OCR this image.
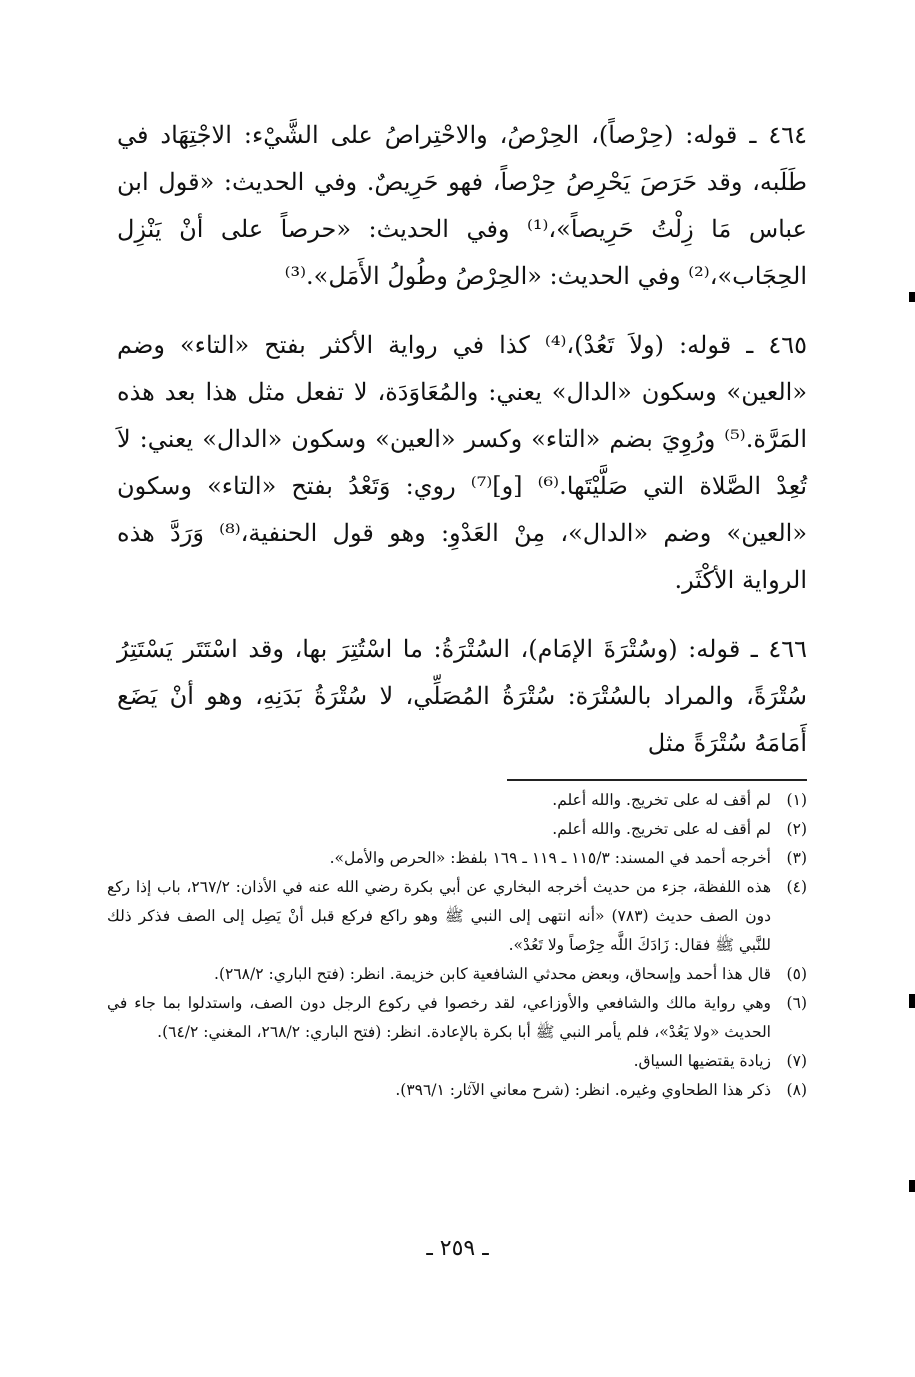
٤٦٤ ـ قوله: (حِرْصاً)، الحِرْصُ، والاحْتِراصُ على الشَّيْء: الاجْتِهَاد في طَلَبه، وقد حَرَصَ يَحْرِصُ حِرْصاً، فهو حَرِيصٌ. وفي الحديث: «قول ابن عباس مَا زِلْتُ حَرِيصاً»،⁽¹⁾ وفي الحديث: «حرصاً على أنْ يَنْزِل الحِجَاب»،⁽²⁾ وفي الحديث: «الحِرْصُ وطُولُ الأَمَل».⁽³⁾

٤٦٥ ـ قوله: (ولاَ تَعُدْ)،⁽⁴⁾ كذا في رواية الأكثر بفتح «التاء» وضم «العين» وسكون «الدال» يعني: والمُعَاوَدَة، لا تفعل مثل هذا بعد هذه المَرَّة.⁽⁵⁾ ورُوِيَ بضم «التاء» وكسر «العين» وسكون «الدال» يعني: لاَ تُعِدْ الصَّلاة التي صَلَّيْتَها.⁽⁶⁾ [و]⁽⁷⁾ روي: وَتَعْدُ بفتح «التاء» وسكون «العين» وضم «الدال»، مِنْ العَدْوِ: وهو قول الحنفية،⁽⁸⁾ وَرَدَّ هذه الرواية الأكْثَر.

٤٦٦ ـ قوله: (وسُتْرَةَ الإمَام)، السُتْرَةُ: ما اسْتُتِرَ بها، وقد اسْتَتَر يَسْتَتِرُ سُتْرَةً، والمراد بالسُتْرَة: سُتْرَةُ المُصَلِّي، لا سُتْرَةُ بَدَنِهِ، وهو أنْ يَضَع أَمَامَهُ سُتْرَةً مثل

(١)
لم أقف له على تخريج. والله أعلم.
(٢)
لم أقف له على تخريج. والله أعلم.
(٣)
أخرجه أحمد في المسند: ١١٥/٣ ـ ١١٩ ـ ١٦٩ بلفظ: «الحرص والأمل».
(٤)
هذه اللفظة، جزء من حديث أخرجه البخاري عن أبي بكرة رضي الله عنه في الأذان: ٢٦٧/٢، باب إذا ركع دون الصف حديث (٧٨٣) «أنه انتهى إلى النبي ﷺ وهو راكع فركع قبل أنْ يَصِل إلى الصف فذكر ذلك للنَّبي ﷺ فقال: زَادَكَ اللَّه حِرْصاً ولا تَعُدْ».
(٥)
قال هذا أحمد وإسحاق، وبعض محدثي الشافعية كابن خزيمة. انظر: (فتح الباري: ٢٦٨/٢).
(٦)
وهي رواية مالك والشافعي والأوزاعي، لقد رخصوا في ركوع الرجل دون الصف، واستدلوا بما جاء في الحديث «ولا يَعُدْ»، فلم يأمر النبي ﷺ أبا بكرة بالإعادة. انظر: (فتح الباري: ٢٦٨/٢، المغني: ٦٤/٢).
(٧)
زيادة يقتضيها السياق.
(٨)
ذكر هذا الطحاوي وغيره. انظر: (شرح معاني الآثار: ٣٩٦/١).
ـ ٢٥٩ ـ
